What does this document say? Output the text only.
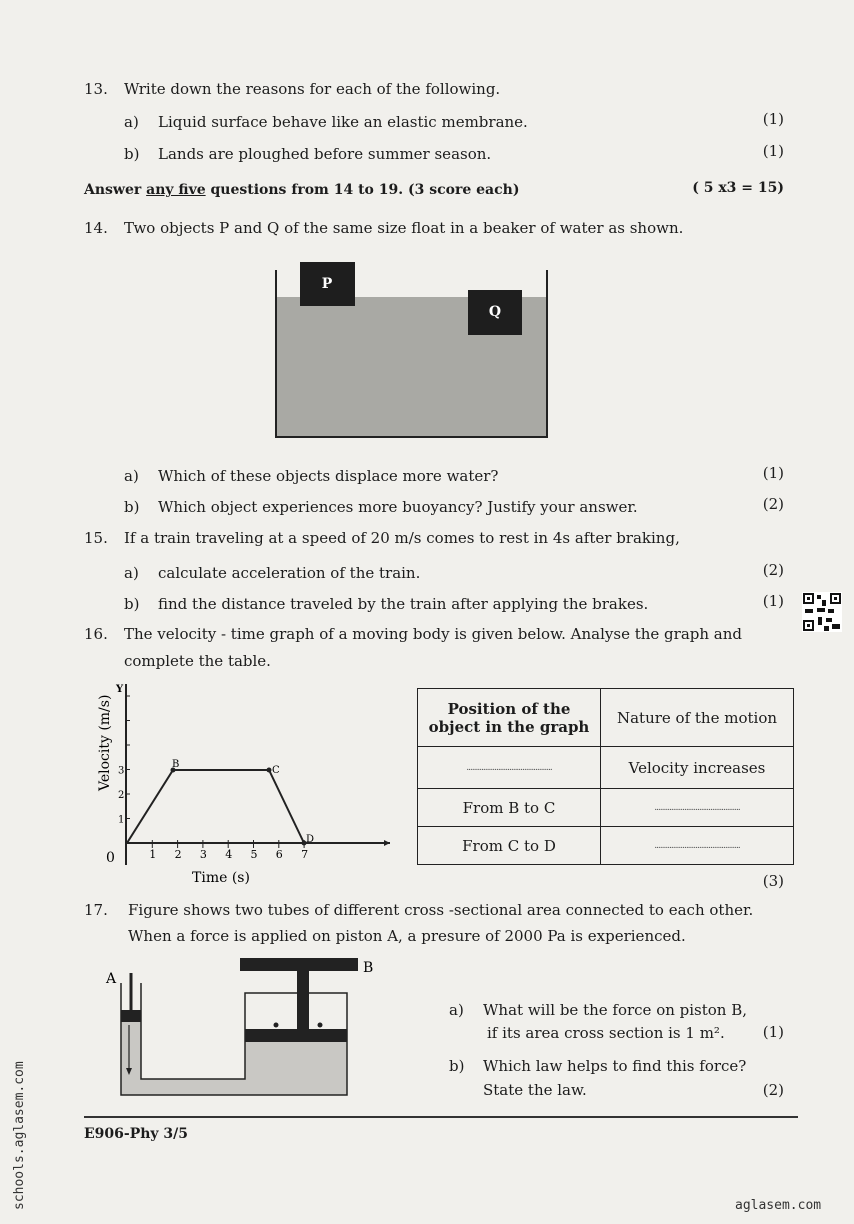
13. Write down the reasons for each of the following.
a) Liquid surface behave like an elastic membrane.	(1)
b) Lands are ploughed before summer season.	(1)
Answer any five questions from 14 to 19. (3 score each)	( 5 x3 = 15)
14. Two objects P and Q of the same size float in a beaker of water as shown.
P
Q
a) Which of these objects displace more water?	(1)
b) Which object experiences more buoyancy? Justify your answer.	(2)
15. If a train traveling at a speed of 20 m/s comes to rest in 4s after braking,
a) calculate acceleration of the train.	(2)
b) find the distance traveled by the train after applying the brakes.	(1)
16. The velocity - time graph of a moving body is given below. Analyse the graph and
complete the table.
Y
Velocity (m/s)
Time (s)
0	1 2 3 4 5 6 7
1
2
3
B
C
D
Position of the object in the graph	Nature of the motion
..............................................	Velocity increases
From B to C	..............................................
From C to D	..............................................
(3)
17. Figure shows two tubes of different cross -sectional area connected to each other.
When a force is applied on piston A, a presure of 2000 Pa is experienced.
A
B
a) What will be the force on piston B,
if its area cross section is 1 m².	(1)
b) Which law helps to find this force?
State the law.	(2)
E906-Phy 3/5
schools.aglasem.com	aglasem.com
